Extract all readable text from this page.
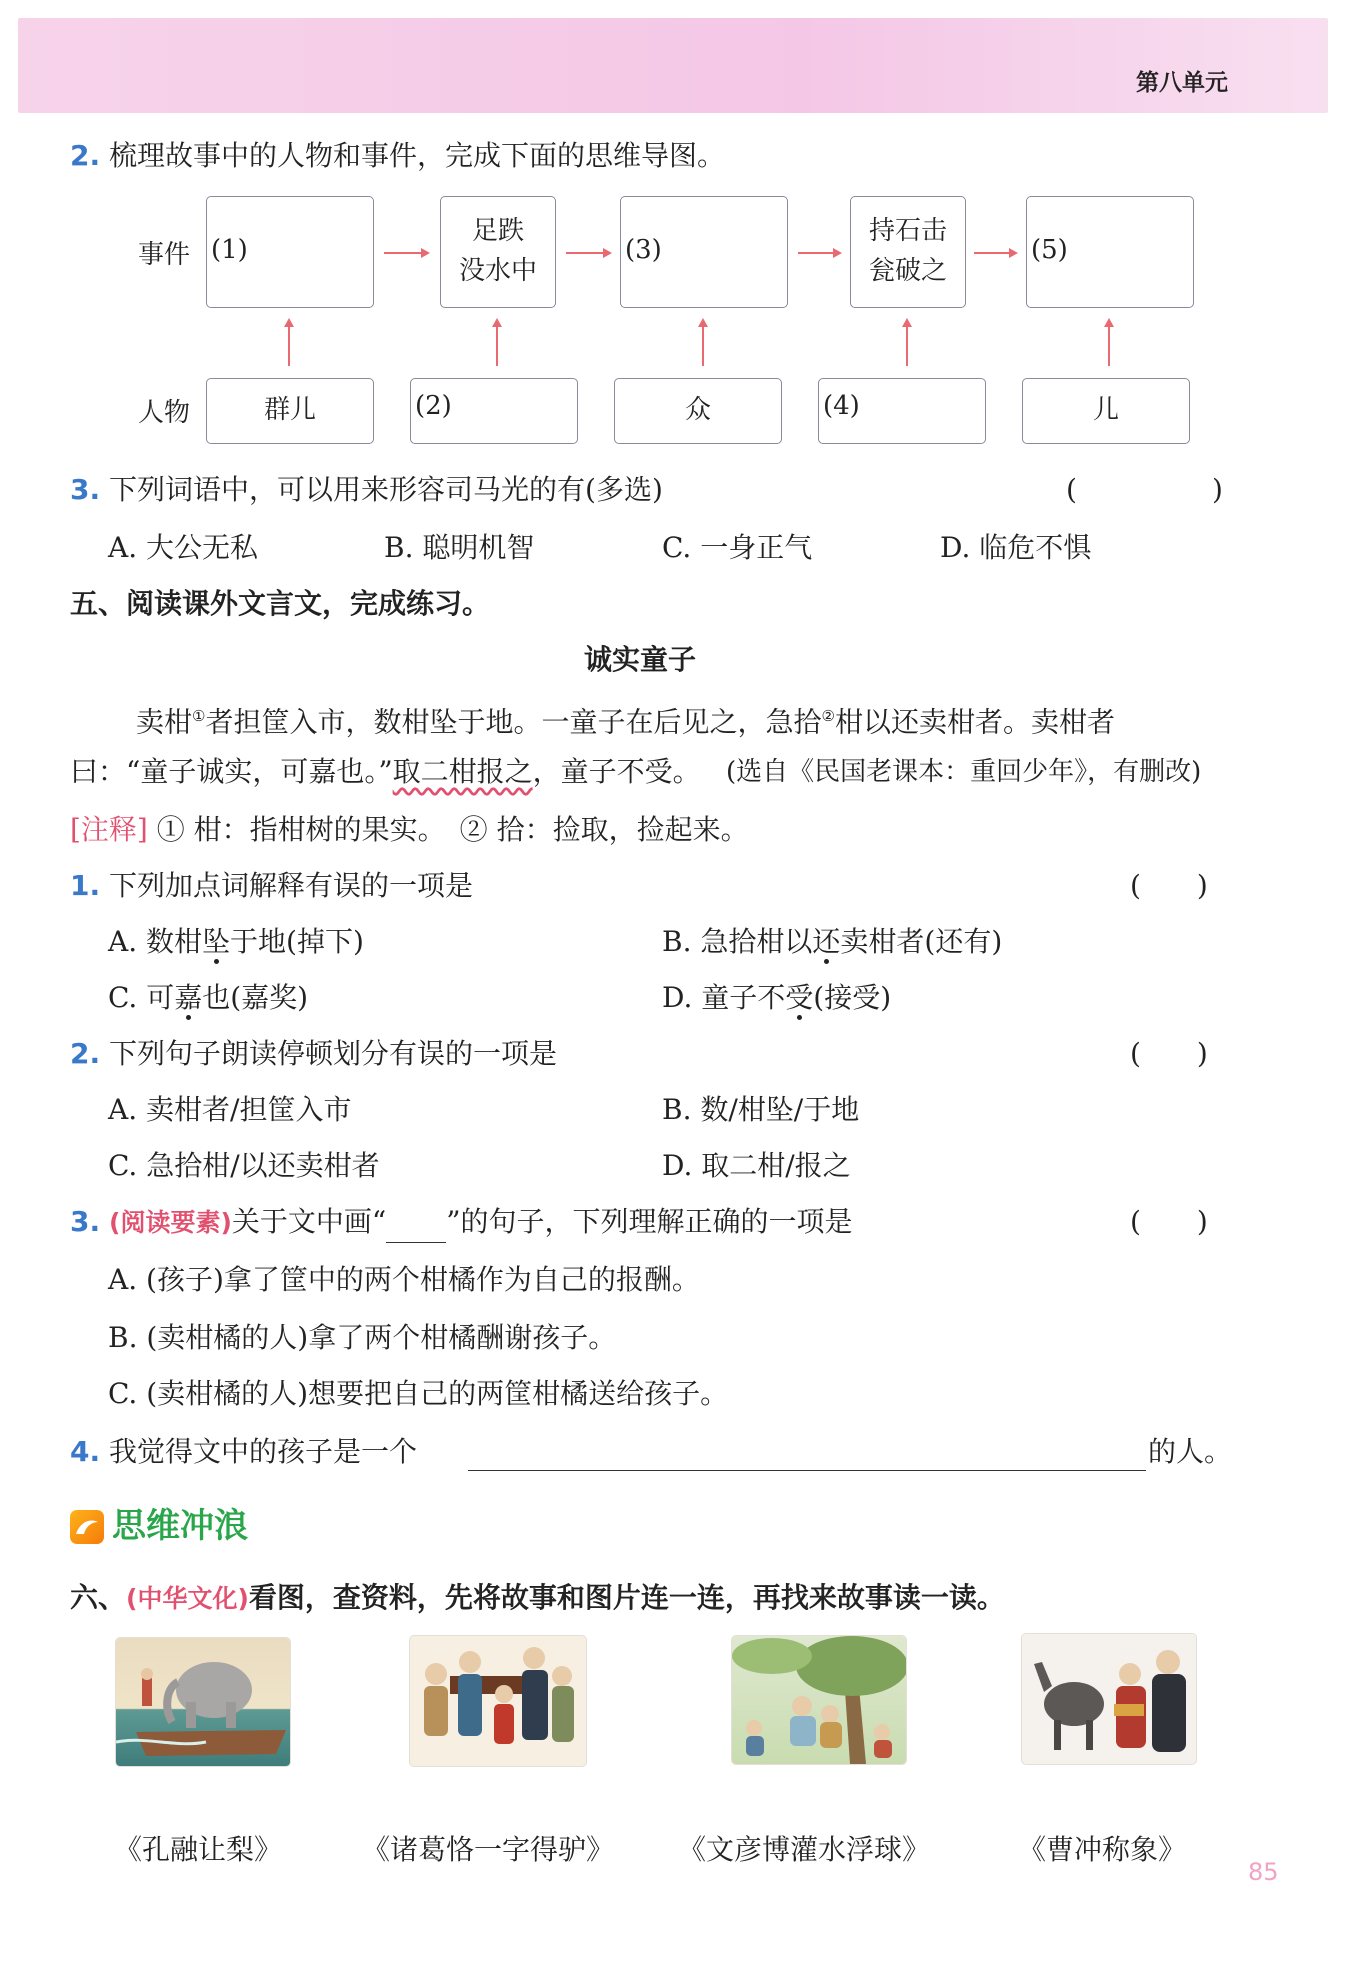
第八单元
2. 梳理故事中的人物和事件，完成下面的思维导图。
事件
人物
(1)
足跌
没水中
(3)
持石击
瓮破之
(5)
群儿	(2)	众	(4)	儿
3. 下列词语中，可以用来形容司马光的有(多选)	(	)
A. 大公无私	B. 聪明机智	C. 一身正气	D. 临危不惧
五、阅读课外文言文，完成练习。
诚实童子
卖柑①者担筐入市，数柑坠于地。一童子在后见之，急拾②柑以还卖柑者。卖柑者
曰：“童子诚实，可嘉也。”取二柑报之，童子不受。 (选自《民国老课本：重回少年》，有删改)
[注释] ① 柑：指柑树的果实。　② 拾：捡取，捡起来。
1. 下列加点词解释有误的一项是	(　　)
A. 数柑坠于地(掉下)	B. 急拾柑以还卖柑者(还有)
C. 可嘉也(嘉奖)	D. 童子不受(接受)
2. 下列句子朗读停顿划分有误的一项是	(　　)
A. 卖柑者/担筐入市	B. 数/柑坠/于地
C. 急拾柑/以还卖柑者	D. 取二柑/报之
3. (阅读要素)关于文中画“ ”的句子，下列理解正确的一项是	(　　)
A. (孩子)拿了筐中的两个柑橘作为自己的报酬。
B. (卖柑橘的人)拿了两个柑橘酬谢孩子。
C. (卖柑橘的人)想要把自己的两筐柑橘送给孩子。
4. 我觉得文中的孩子是一个	的人。
思维冲浪
六、(中华文化)看图，查资料，先将故事和图片连一连，再找来故事读一读。
《孔融让梨》	《诸葛恪一字得驴》 《文彦博灌水浮球》	《曹冲称象》
85
